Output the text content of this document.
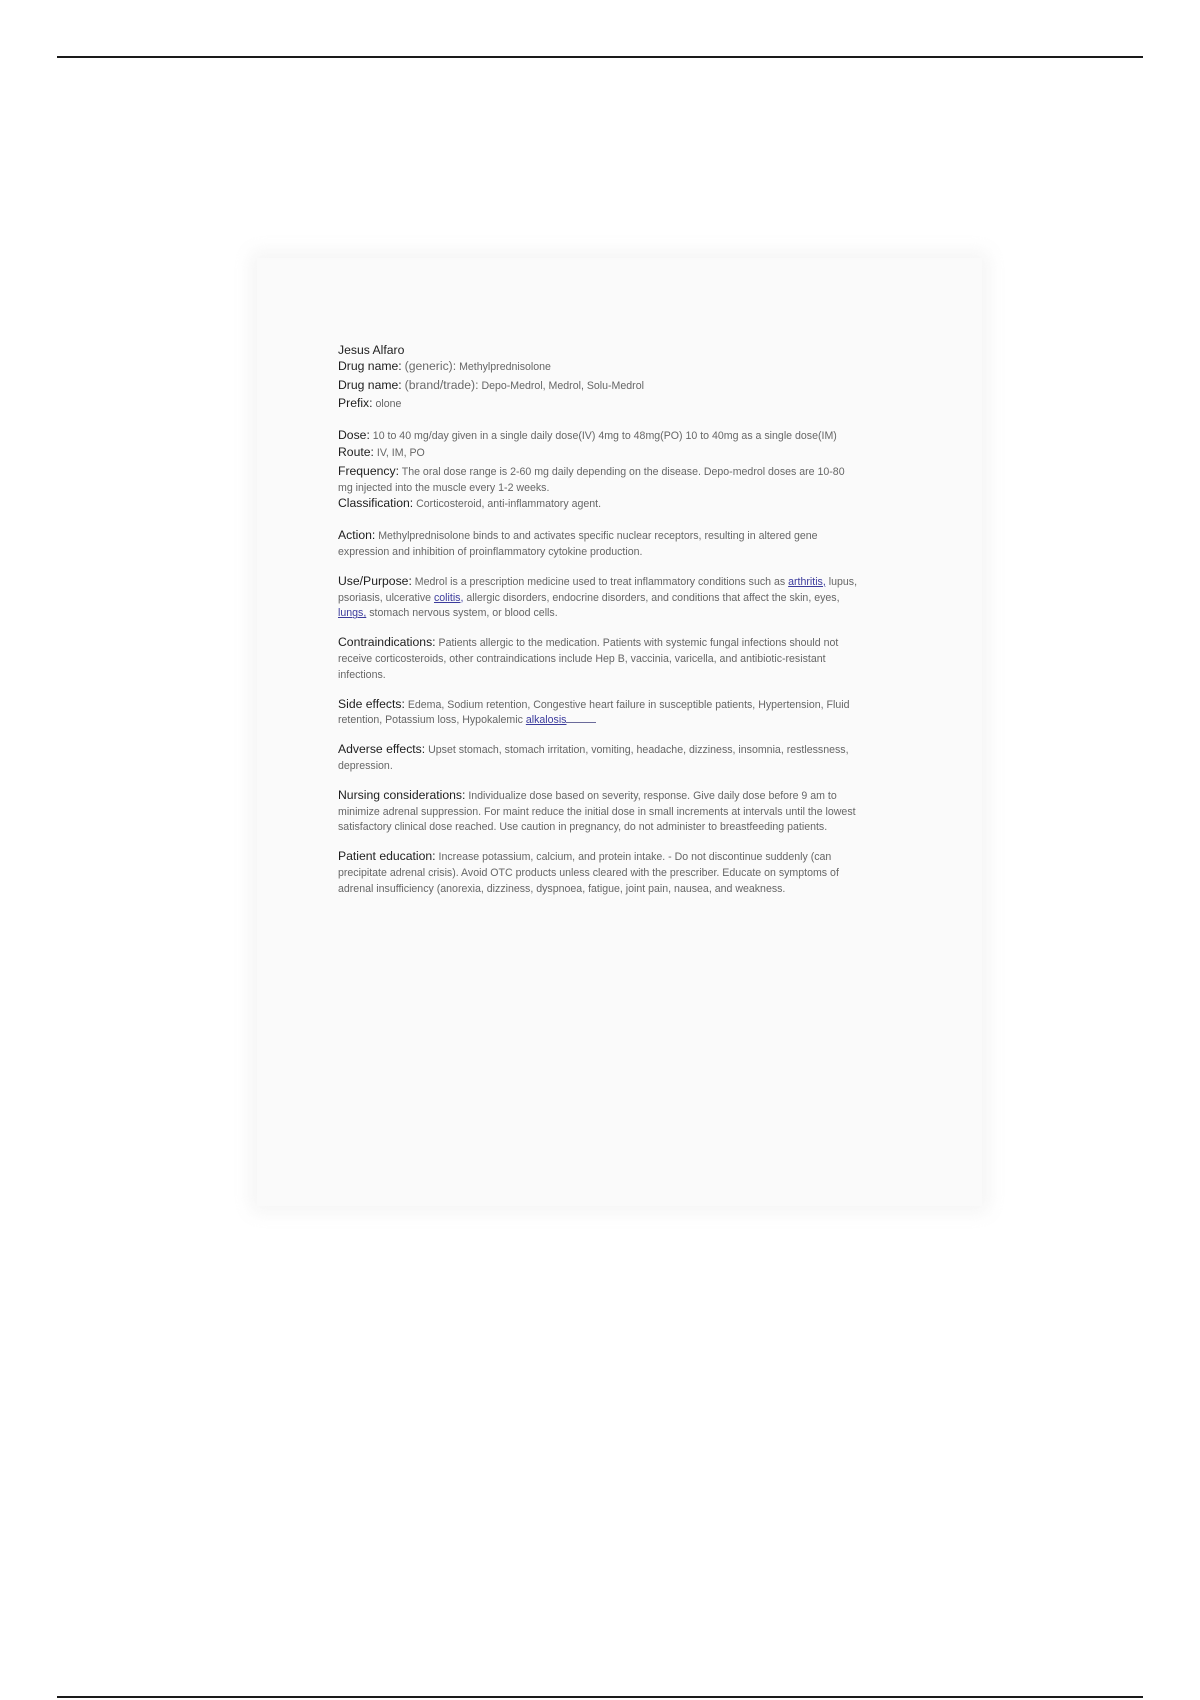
Jesus Alfaro

Drug name: (generic): Methylprednisolone

Drug name: (brand/trade): Depo-Medrol, Medrol, Solu-Medrol

Prefix: olone

Dose: 10 to 40 mg/day given in a single daily dose(IV) 4mg to 48mg(PO) 10 to 40mg as a single dose(IM)

Route: IV, IM, PO

Frequency: The oral dose range is 2-60 mg daily depending on the disease. Depo-medrol doses are 10-80 mg injected into the muscle every 1-2 weeks.

Classification: Corticosteroid, anti-inflammatory agent.

Action: Methylprednisolone binds to and activates specific nuclear receptors, resulting in altered gene expression and inhibition of proinflammatory cytokine production.

Use/Purpose: Medrol is a prescription medicine used to treat inflammatory conditions such as arthritis, lupus, psoriasis, ulcerative colitis, allergic disorders, endocrine disorders, and conditions that affect the skin, eyes, lungs, stomach nervous system, or blood cells.

Contraindications: Patients allergic to the medication. Patients with systemic fungal infections should not receive corticosteroids, other contraindications include Hep B, vaccinia, varicella, and antibiotic-resistant infections.

Side effects: Edema, Sodium retention, Congestive heart failure in susceptible patients, Hypertension, Fluid retention, Potassium loss, Hypokalemic alkalosis

Adverse effects: Upset stomach, stomach irritation, vomiting, headache, dizziness, insomnia, restlessness, depression.

Nursing considerations: Individualize dose based on severity, response. Give daily dose before 9 am to minimize adrenal suppression. For maint reduce the initial dose in small increments at intervals until the lowest satisfactory clinical dose reached. Use caution in pregnancy, do not administer to breastfeeding patients.

Patient education: Increase potassium, calcium, and protein intake. - Do not discontinue suddenly (can precipitate adrenal crisis). Avoid OTC products unless cleared with the prescriber. Educate on symptoms of adrenal insufficiency (anorexia, dizziness, dyspnoea, fatigue, joint pain, nausea, and weakness.
